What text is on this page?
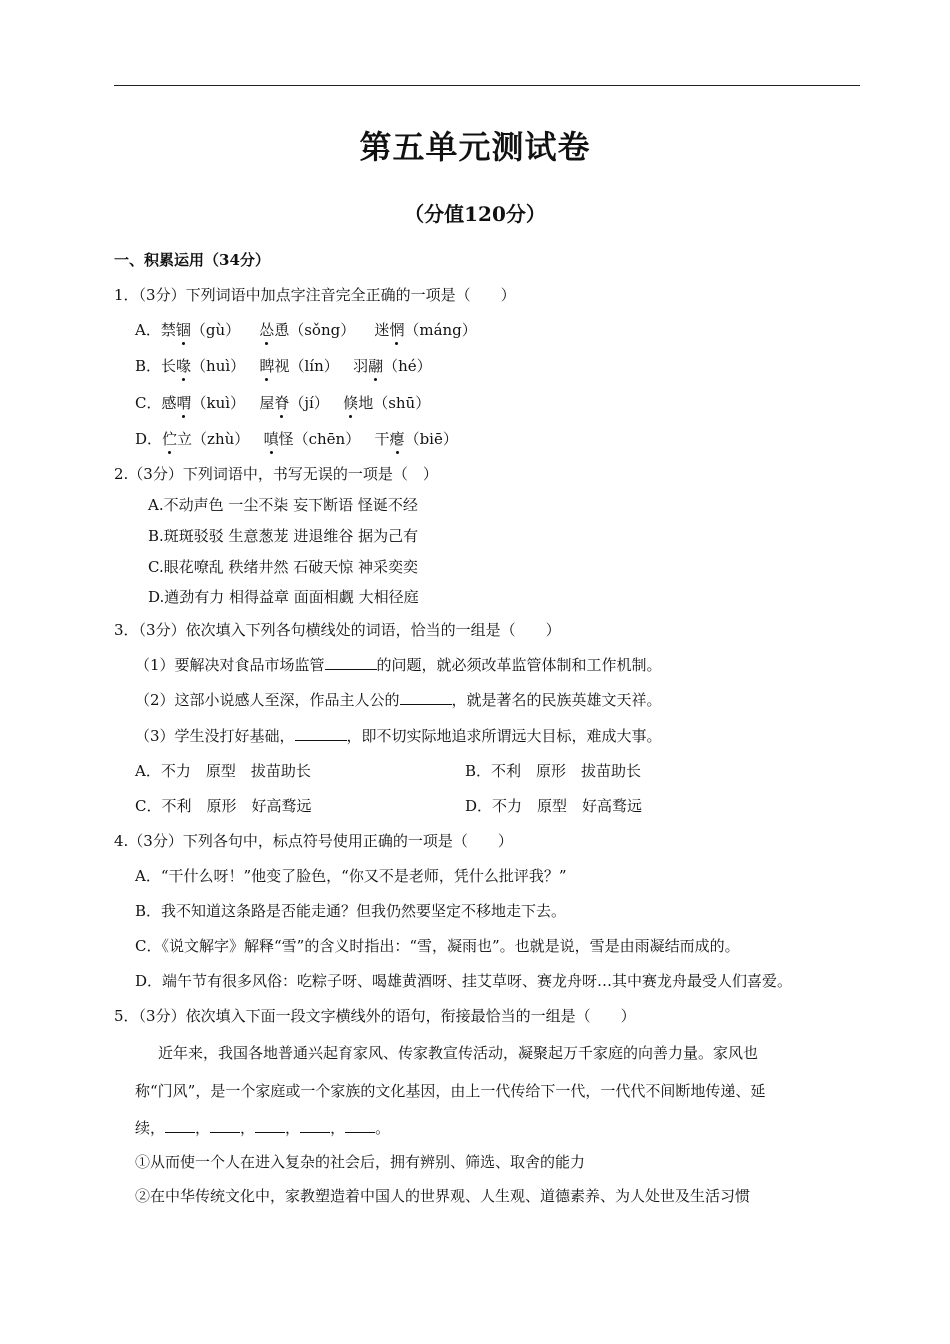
第五单元测试卷
（分值120分）
一、积累运用（34分）
1．（3分）下列词语中加点字注音完全正确的一项是（　　）
A．禁锢（gù） 怂恿（sǒng） 迷惘（máng）
B．长喙（huì） 睥视（lín） 羽翮（hé）
C．感喟（kuì） 屋脊（jí） 倏地（shū）
D．伫立（zhù） 嗔怪（chēn） 干瘪（biē）
2.（3分）下列词语中，书写无误的一项是（　）
A.不动声色 一尘不柒 妄下断语 怪诞不经
B.斑斑驳驳 生意葱茏 进退维谷 据为己有
C.眼花嘹乱 秩绪井然 石破天惊 神采奕奕
D.遒劲有力 相得益章 面面相觑 大相径庭
3．（3分）依次填入下列各句横线处的词语，恰当的一组是（　　）
（1）要解决对食品市场监管	的问题，就必须改革监管体制和工作机制。
（2）这部小说感人至深，作品主人公的	，就是著名的民族英雄文天祥。
（3）学生没打好基础，	，即不切实际地追求所谓远大目标，难成大事。
A．不力　原型　拔苗助长	B．不利　原形　拔苗助长
C．不利　原形　好高骛远	D．不力　原型　好高骛远
4.（3分）下列各句中，标点符号使用正确的一项是（　　）
A．“干什么呀！”他变了脸色，“你又不是老师，凭什么批评我？”
B．我不知道这条路是否能走通？但我仍然要坚定不移地走下去。
C．《说文解字》解释“雪”的含义时指出：“雪，凝雨也”。也就是说，雪是由雨凝结而成的。
D．端午节有很多风俗：吃粽子呀、喝雄黄酒呀、挂艾草呀、赛龙舟呀…其中赛龙舟最受人们喜爱。
5．（3分）依次填入下面一段文字横线外的语句，衔接最恰当的一组是（　　）
近年来，我国各地普通兴起育家风、传家教宣传活动，凝聚起万千家庭的向善力量。家风也
称“门风”，是一个家庭或一个家族的文化基因，由上一代传给下一代，一代代不间断地传递、延
续， ， ， ， ， 。
①从而使一个人在进入复杂的社会后，拥有辨别、筛选、取舍的能力
②在中华传统文化中，家教塑造着中国人的世界观、人生观、道德素养、为人处世及生活习惯
